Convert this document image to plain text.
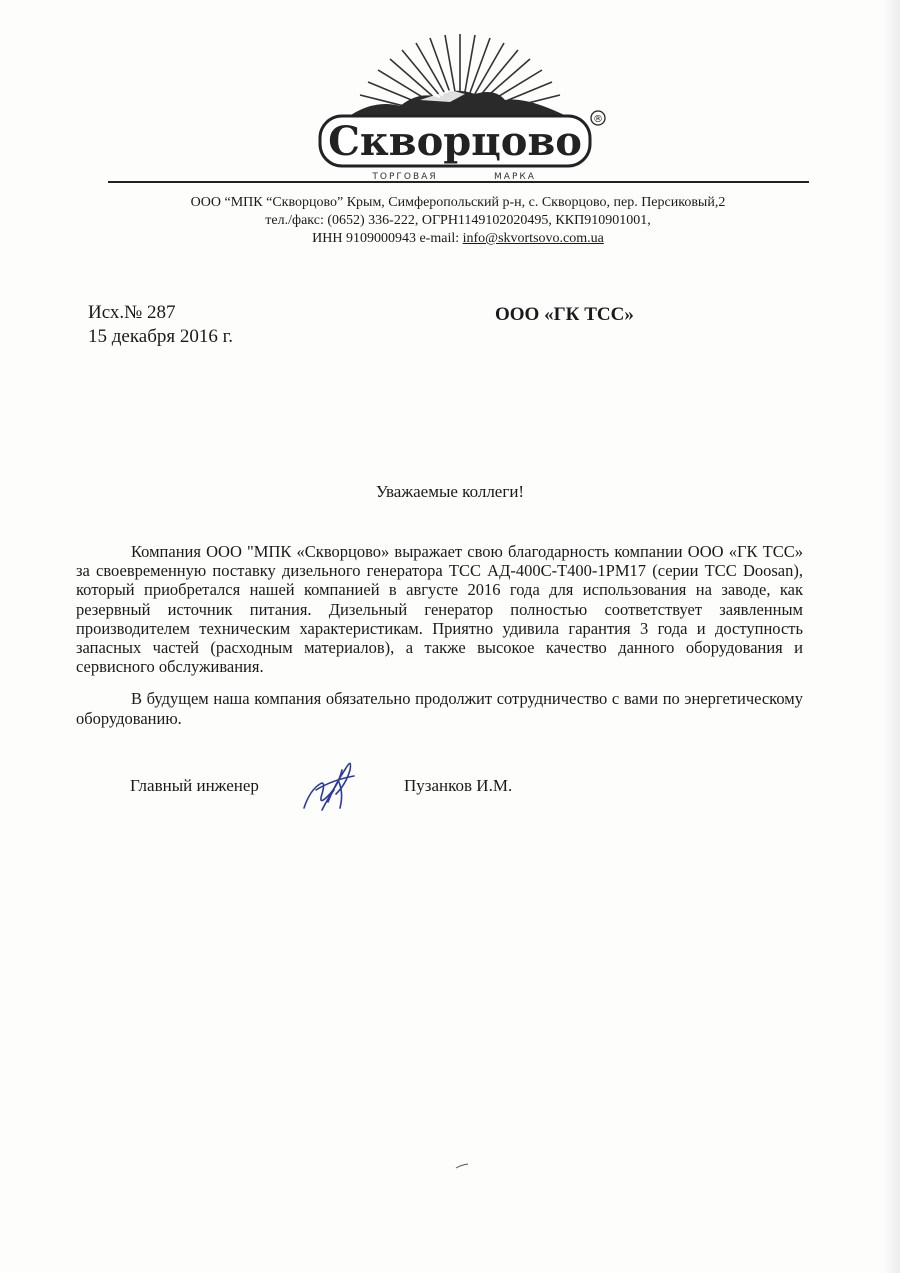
Скворцово
ТОРГОВАЯ	МАРКА
®
ООО “МПК “Скворцово” Крым, Симферопольский р-н, с. Скворцово, пер. Персиковый,2
тел./факс: (0652) 336-222, ОГРН1149102020495, ККП910901001,
ИНН 9109000943 e-mail: info@skvortsovo.com.ua
Исх.№ 287
15 декабря 2016 г.
ООО «ГК ТСС»
Уважаемые коллеги!

Компания ООО "МПК «Скворцово» выражает свою благодарность компании ООО «ГК ТСС» за своевременную поставку дизельного генератора ТСС АД-400С-Т400-1РМ17 (серии ТСС Doosan), который приобретался нашей компанией в августе 2016 года для использования на заводе, как резервный источник питания. Дизельный генератор полностью соответствует заявленным производителем техническим характеристикам. Приятно удивила гарантия 3 года и доступность запасных частей (расходным материалов), а также высокое качество данного оборудования и сервисного обслуживания.

В будущем наша компания обязательно продолжит сотрудничество с вами по энергетическому оборудованию.

Главный инженер	Пузанков И.М.
